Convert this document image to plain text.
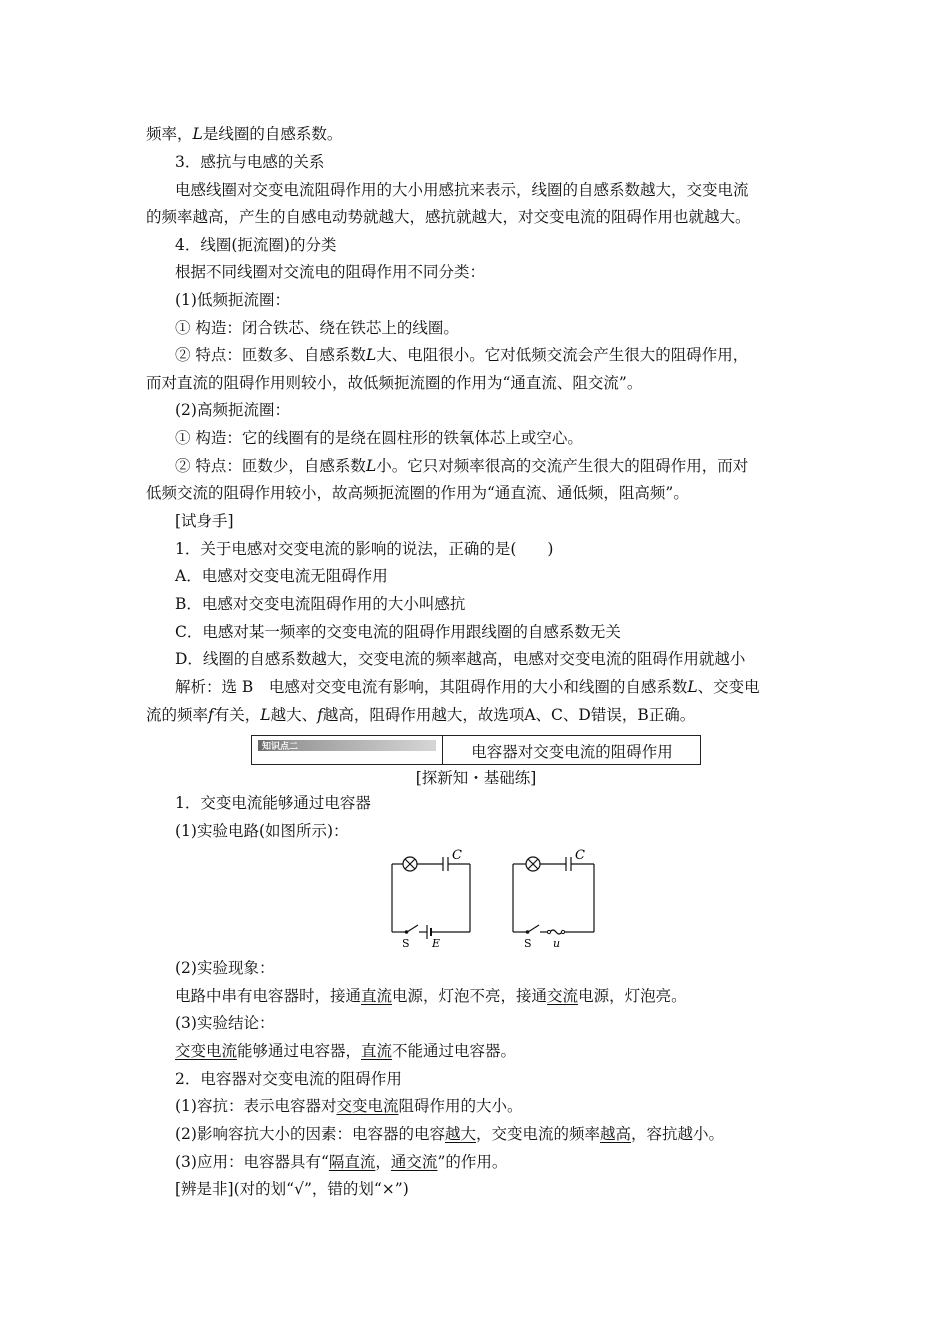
频率，L是线圈的自感系数。
3．感抗与电感的关系
电感线圈对交变电流阻碍作用的大小用感抗来表示，线圈的自感系数越大，交变电流
的频率越高，产生的自感电动势就越大，感抗就越大，对交变电流的阻碍作用也就越大。
4．线圈(扼流圈)的分类
根据不同线圈对交流电的阻碍作用不同分类：
(1)低频扼流圈：
① 构造：闭合铁芯、绕在铁芯上的线圈。
② 特点：匝数多、自感系数L大、电阻很小。它对低频交流会产生很大的阻碍作用，
而对直流的阻碍作用则较小，故低频扼流圈的作用为“通直流、阻交流”。
(2)高频扼流圈：
① 构造：它的线圈有的是绕在圆柱形的铁氧体芯上或空心。
② 特点：匝数少，自感系数L小。它只对频率很高的交流产生很大的阻碍作用，而对
低频交流的阻碍作用较小，故高频扼流圈的作用为“通直流、通低频，阻高频”。
[试身手]
1．关于电感对交变电流的影响的说法，正确的是(　　)
A．电感对交变电流无阻碍作用
B．电感对交变电流阻碍作用的大小叫感抗
C．电感对某一频率的交变电流的阻碍作用跟线圈的自感系数无关
D．线圈的自感系数越大，交变电流的频率越高，电感对交变电流的阻碍作用就越小
解析：选 B　电感对交变电流有影响，其阻碍作用的大小和线圈的自感系数L、交变电
流的频率f有关，L越大、f越高，阻碍作用越大，故选项A、C、D错误，B正确。
知识点二	电容器对交变电流的阻碍作用
[探新知・基础练]
1．交变电流能够通过电容器
(1)实验电路(如图所示)：
C
S E
C
S u
(2)实验现象：
电路中串有电容器时，接通直流电源，灯泡不亮，接通交流电源，灯泡亮。
(3)实验结论：
交变电流能够通过电容器，直流不能通过电容器。
2．电容器对交变电流的阻碍作用
(1)容抗：表示电容器对交变电流阻碍作用的大小。
(2)影响容抗大小的因素：电容器的电容越大，交变电流的频率越高，容抗越小。
(3)应用：电容器具有“隔直流，通交流”的作用。
[辨是非](对的划“√”，错的划“×”)
